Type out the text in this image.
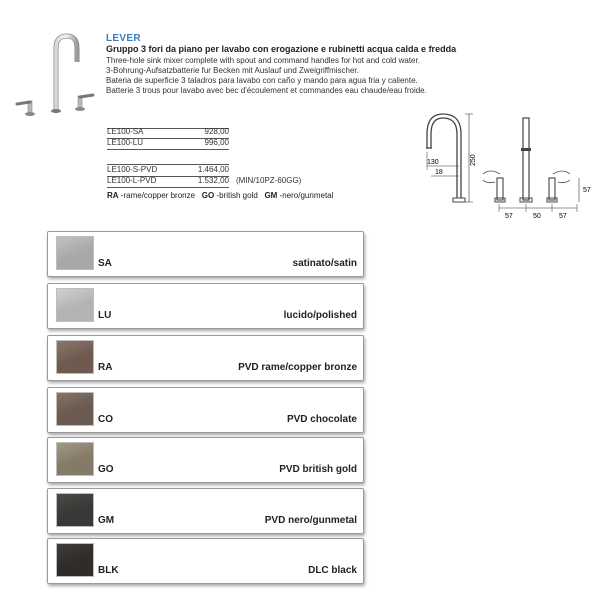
LEVER
Gruppo 3 fori da piano per lavabo con erogazione e rubinetti acqua calda e fredda
Three-hole sink mixer complete with spout and command handles for hot and cold water.
3-Bohrung-Aufsatzbatterie fur Becken mit Auslauf und Zweigriffmischer.
Bateria de superficie 3 taladros para lavabo con caño y mando para agua fria y caliente.
Batterie 3 trous pour lavabo avec bec d'écoulement et commandes eau chaude/eau froide.
LE100-SA	928,00
LE100-LU	996,00
LE100-S-PVD	1.464,00
LE100-L-PVD	1.532,00 (MIN/10PZ-60GG)
RA -rame/copper bronze GO -british gold GM -nero/gunmetal
130
18
250
57
57	50	57
SA	satinato/satin
LU	lucido/polished
RA	PVD rame/copper bronze
CO	PVD chocolate
GO	PVD british gold
GM	PVD nero/gunmetal
BLK	DLC black
